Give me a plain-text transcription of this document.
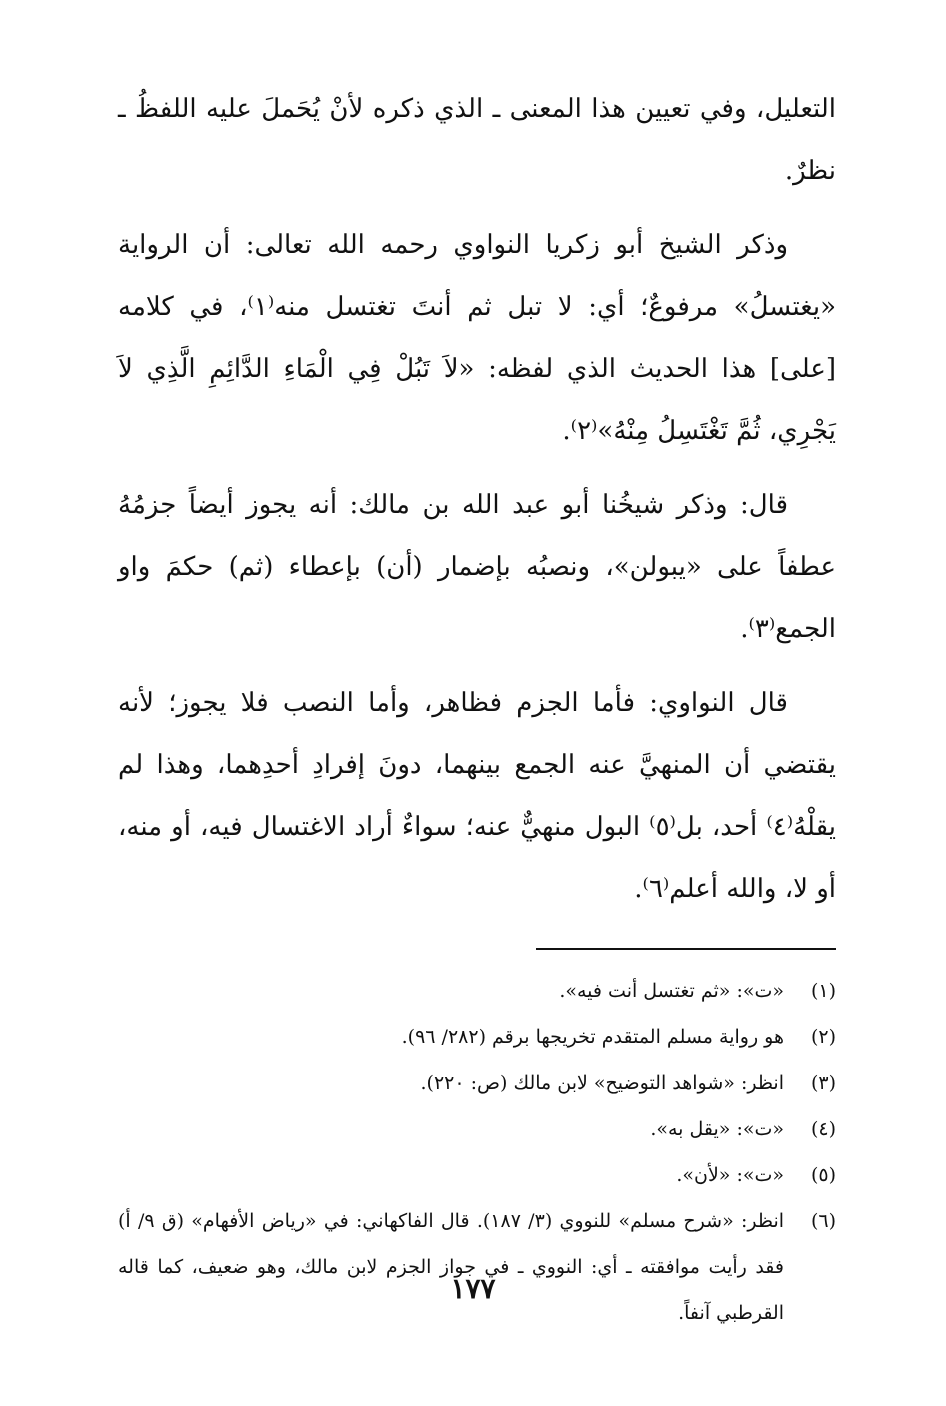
التعليل، وفي تعيين هذا المعنى ـ الذي ذكره لأنْ يُحَملَ عليه اللفظُ ـ نظرٌ.

وذكر الشيخ أبو زكريا النواوي رحمه الله تعالى: أن الرواية «يغتسلُ» مرفوعٌ؛ أي: لا تبل ثم أنتَ تغتسل منه⁽١⁾، في كلامه [على] هذا الحديث الذي لفظه: «لاَ تَبُلْ فِي الْمَاءِ الدَّائِمِ الَّذِي لاَ يَجْرِي، ثُمَّ تَغْتَسِلُ مِنْهُ»⁽٢⁾.

قال: وذكر شيخُنا أبو عبد الله بن مالك: أنه يجوز أيضاً جزمُهُ عطفاً على «يبولن»، ونصبُه بإضمار (أن) بإعطاء (ثم) حكمَ واو الجمع⁽٣⁾.

قال النواوي: فأما الجزم فظاهر، وأما النصب فلا يجوز؛ لأنه يقتضي أن المنهيَّ عنه الجمع بينهما، دونَ إفرادِ أحدِهما، وهذا لم يقلْهُ⁽٤⁾ أحد، بل⁽٥⁾ البول منهيٌّ عنه؛ سواءٌ أراد الاغتسال فيه، أو منه، أو لا، والله أعلم⁽٦⁾.

(١)
«ت»: «ثم تغتسل أنت فيه».
(٢)
هو رواية مسلم المتقدم تخريجها برقم (٢٨٢/ ٩٦).
(٣)
انظر: «شواهد التوضيح» لابن مالك (ص: ٢٢٠).
(٤)
«ت»: «يقل به».
(٥)
«ت»: «لأن».
(٦)
انظر: «شرح مسلم» للنووي (٣/ ١٨٧). قال الفاكهاني: في «رياض الأفهام» (ق ٩/ أ) فقد رأيت موافقته ـ أي: النووي ـ في جواز الجزم لابن مالك، وهو ضعيف، كما قاله القرطبي آنفاً.
١٧٧
